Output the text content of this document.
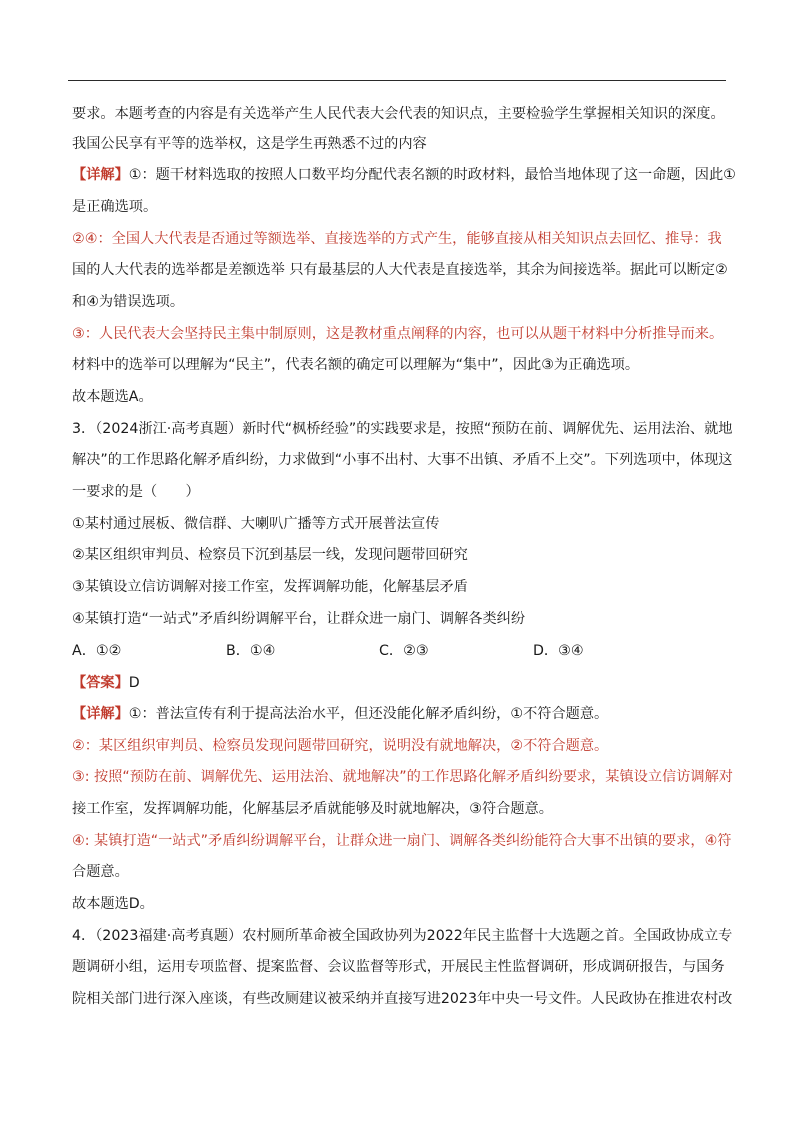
要求。本题考查的内容是有关选举产生人民代表大会代表的知识点，主要检验学生掌握相关知识的深度。
我国公民享有平等的选举权，这是学生再熟悉不过的内容
【详解】①：题干材料选取的按照人口数平均分配代表名额的时政材料，最恰当地体现了这一命题，因此①
是正确选项。
②④：全国人大代表是否通过等额选举、直接选举的方式产生，能够直接从相关知识点去回忆、推导：我
国的人大代表的选举都是差额选举 只有最基层的人大代表是直接选举，其余为间接选举。据此可以断定②
和④为错误选项。
③：人民代表大会坚持民主集中制原则，这是教材重点阐释的内容，也可以从题干材料中分析推导而来。
材料中的选举可以理解为“民主”，代表名额的确定可以理解为“集中”，因此③为正确选项。
故本题选A。
3．（2024浙江·高考真题）新时代“枫桥经验”的实践要求是，按照“预防在前、调解优先、运用法治、就地
解决”的工作思路化解矛盾纠纷，力求做到“小事不出村、大事不出镇、矛盾不上交”。下列选项中，体现这
一要求的是（　　）
①某村通过展板、微信群、大喇叭广播等方式开展普法宣传
②某区组织审判员、检察员下沉到基层一线，发现问题带回研究
③某镇设立信访调解对接工作室，发挥调解功能，化解基层矛盾
④某镇打造“一站式”矛盾纠纷调解平台，让群众进一扇门、调解各类纠纷
A．①②	B．①④	C．②③	D．③④
【答案】D
【详解】①：普法宣传有利于提高法治水平，但还没能化解矛盾纠纷，①不符合题意。
②：某区组织审判员、检察员发现问题带回研究，说明没有就地解决，②不符合题意。
③: 按照“预防在前、调解优先、运用法治、就地解决”的工作思路化解矛盾纠纷要求，某镇设立信访调解对
接工作室，发挥调解功能，化解基层矛盾就能够及时就地解决，③符合题意。
④: 某镇打造“一站式”矛盾纠纷调解平台，让群众进一扇门、调解各类纠纷能符合大事不出镇的要求，④符
合题意。
故本题选D。
4．（2023福建·高考真题）农村厕所革命被全国政协列为2022年民主监督十大选题之首。全国政协成立专
题调研小组，运用专项监督、提案监督、会议监督等形式，开展民主性监督调研，形成调研报告，与国务
院相关部门进行深入座谈，有些改厕建议被采纳并直接写进2023年中央一号文件。人民政协在推进农村改
